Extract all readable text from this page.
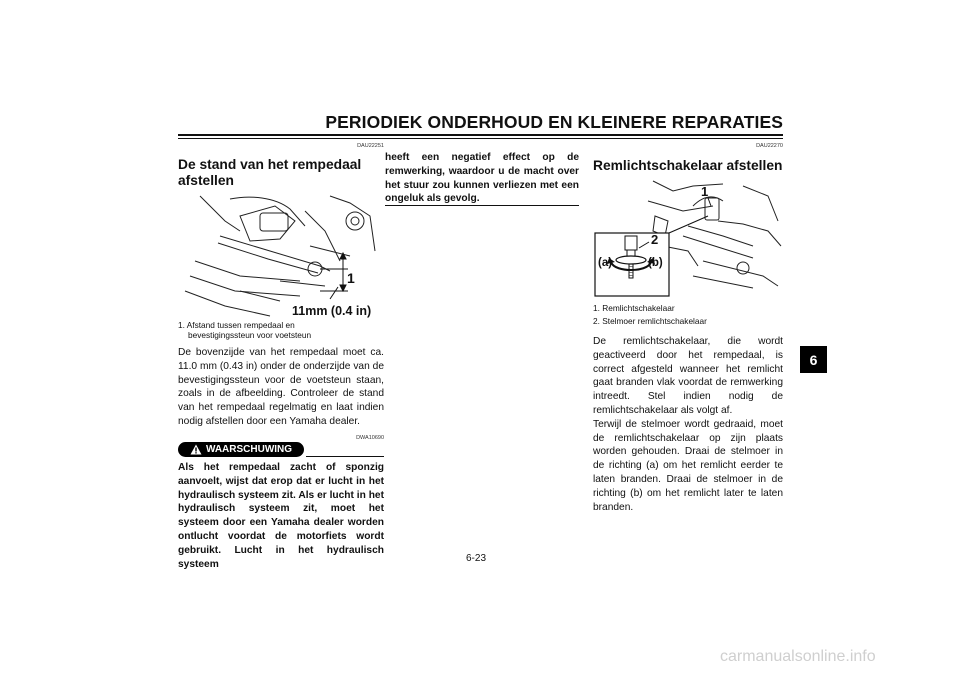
PERIODIEK ONDERHOUD EN KLEINERE REPARATIES
DAU22251
De stand van het rempedaal
afstellen
1
11mm (0.4 in)
1. Afstand tussen rempedaal en
bevestigingssteun voor voetsteun
De bovenzijde van het rempedaal moet ca. 11.0 mm (0.43 in) onder de onderzijde van de bevestigingssteun voor de voetsteun staan, zoals in de afbeelding. Controleer de stand van het rempedaal regelmatig en laat indien nodig afstellen door een Yamaha dealer.
WAARSCHUWING
DWA10690
Als het rempedaal zacht of sponzig aanvoelt, wijst dat erop dat er lucht in het hydraulisch systeem zit. Als er lucht in het hydraulisch systeem zit, moet het systeem door een Yamaha dealer worden ontlucht voordat de motorfiets wordt gebruikt. Lucht in het hydraulisch systeem
heeft een negatief effect op de remwerking, waardoor u de macht over het stuur zou kunnen verliezen met een ongeluk als gevolg.
DAU22270
Remlichtschakelaar afstellen
1
2
(a)	(b)
1. Remlichtschakelaar
2. Stelmoer remlichtschakelaar
De remlichtschakelaar, die wordt geactiveerd door het rempedaal, is correct afgesteld wanneer het remlicht gaat branden vlak voordat de remwerking intreedt. Stel indien nodig de remlichtschakelaar als volgt af.
Terwijl de stelmoer wordt gedraaid, moet de remlichtschakelaar op zijn plaats worden gehouden. Draai de stelmoer in de richting (a) om het remlicht eerder te laten branden. Draai de stelmoer in de richting (b) om het remlicht later te laten branden.
6
6-23
carmanualsonline.info
